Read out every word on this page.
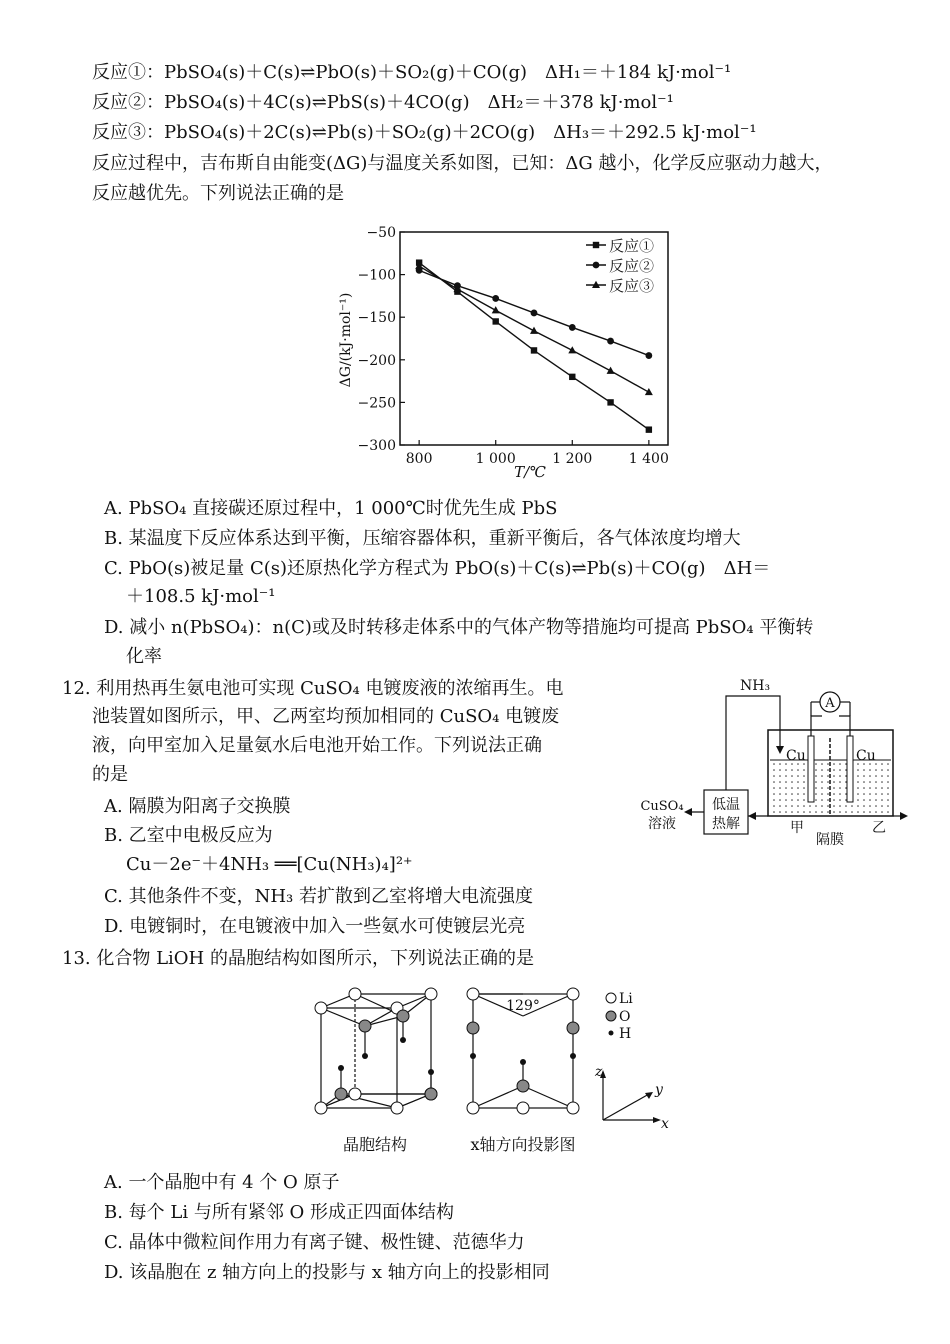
反应①：PbSO₄(s)＋C(s)⇌PbO(s)＋SO₂(g)＋CO(g)　ΔH₁＝＋184 kJ·mol⁻¹
反应②：PbSO₄(s)＋4C(s)⇌PbS(s)＋4CO(g)　ΔH₂＝＋378 kJ·mol⁻¹
反应③：PbSO₄(s)＋2C(s)⇌Pb(s)＋SO₂(g)＋2CO(g)　ΔH₃＝＋292.5 kJ·mol⁻¹
反应过程中，吉布斯自由能变(ΔG)与温度关系如图，已知：ΔG 越小，化学反应驱动力越大，
反应越优先。下列说法正确的是
−50
−100
−150
−200
−250
−300
800	1 000	1 200	1 400
反应①
反应②
反应③
ΔG/(kJ·mol⁻¹)
T/℃
A. PbSO₄ 直接碳还原过程中，1 000℃时优先生成 PbS
B. 某温度下反应体系达到平衡，压缩容器体积，重新平衡后，各气体浓度均增大
C. PbO(s)被足量 C(s)还原热化学方程式为 PbO(s)＋C(s)⇌Pb(s)＋CO(g)　ΔH＝
＋108.5 kJ·mol⁻¹
D. 减小 n(PbSO₄)：n(C)或及时转移走体系中的气体产物等措施均可提高 PbSO₄ 平衡转
化率
12. 利用热再生氨电池可实现 CuSO₄ 电镀废液的浓缩再生。电
池装置如图所示，甲、乙两室均预加相同的 CuSO₄ 电镀废
液，向甲室加入足量氨水后电池开始工作。下列说法正确
的是
A. 隔膜为阳离子交换膜
B. 乙室中电极反应为
Cu－2e⁻＋4NH₃ ══[Cu(NH₃)₄]²⁺
C. 其他条件不变，NH₃ 若扩散到乙室将增大电流强度
D. 电镀铜时，在电镀液中加入一些氨水可使镀层光亮
Cu	Cu
A
NH₃
低温
热解
CuSO₄
溶液	甲	乙
隔膜
13. 化合物 LiOH 的晶胞结构如图所示，下列说法正确的是
129°	Li
O
H
z
y
x
晶胞结构	x轴方向投影图
A. 一个晶胞中有 4 个 O 原子
B. 每个 Li 与所有紧邻 O 形成正四面体结构
C. 晶体中微粒间作用力有离子键、极性键、范德华力
D. 该晶胞在 z 轴方向上的投影与 x 轴方向上的投影相同
